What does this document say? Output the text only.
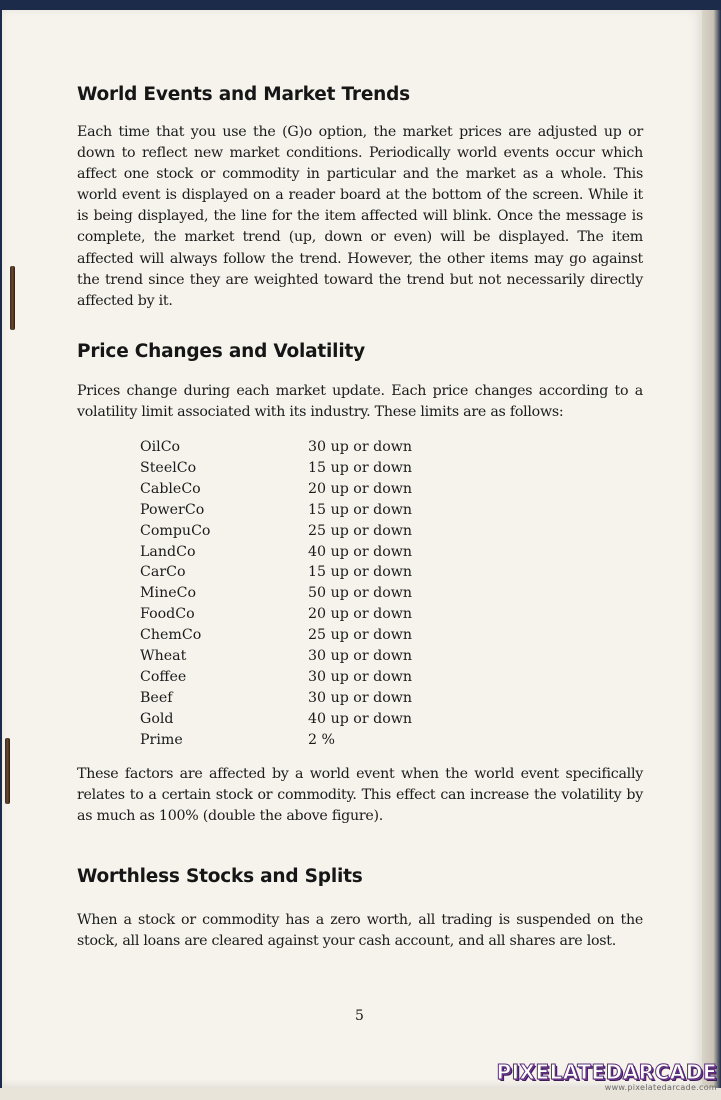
World Events and Market Trends

Each time that you use the (G)o option, the market prices are adjusted up or down to reflect new market conditions. Periodically world events occur which affect one stock or commodity in particular and the market as a whole. This world event is displayed on a reader board at the bottom of the screen. While it is being displayed, the line for the item affected will blink. Once the message is complete, the market trend (up, down or even) will be displayed. The item affected will always follow the trend. However, the other items may go against the trend since they are weighted toward the trend but not necessarily directly affected by it.

Price Changes and Volatility

Prices change during each market update. Each price changes according to a volatility limit associated with its industry. These limits are as follows:

OilCo	30 up or down
SteelCo	15 up or down
CableCo	20 up or down
PowerCo	15 up or down
CompuCo	25 up or down
LandCo	40 up or down
CarCo	15 up or down
MineCo	50 up or down
FoodCo	20 up or down
ChemCo	25 up or down
Wheat	30 up or down
Coffee	30 up or down
Beef	30 up or down
Gold	40 up or down
Prime	2 %

These factors are affected by a world event when the world event specifically relates to a certain stock or commodity. This effect can increase the volatility by as much as 100% (double the above figure).

Worthless Stocks and Splits

When a stock or commodity has a zero worth, all trading is suspended on the stock, all loans are cleared against your cash account, and all shares are lost.

5
PIXELATEDARCADE
www.pixelatedarcade.com
